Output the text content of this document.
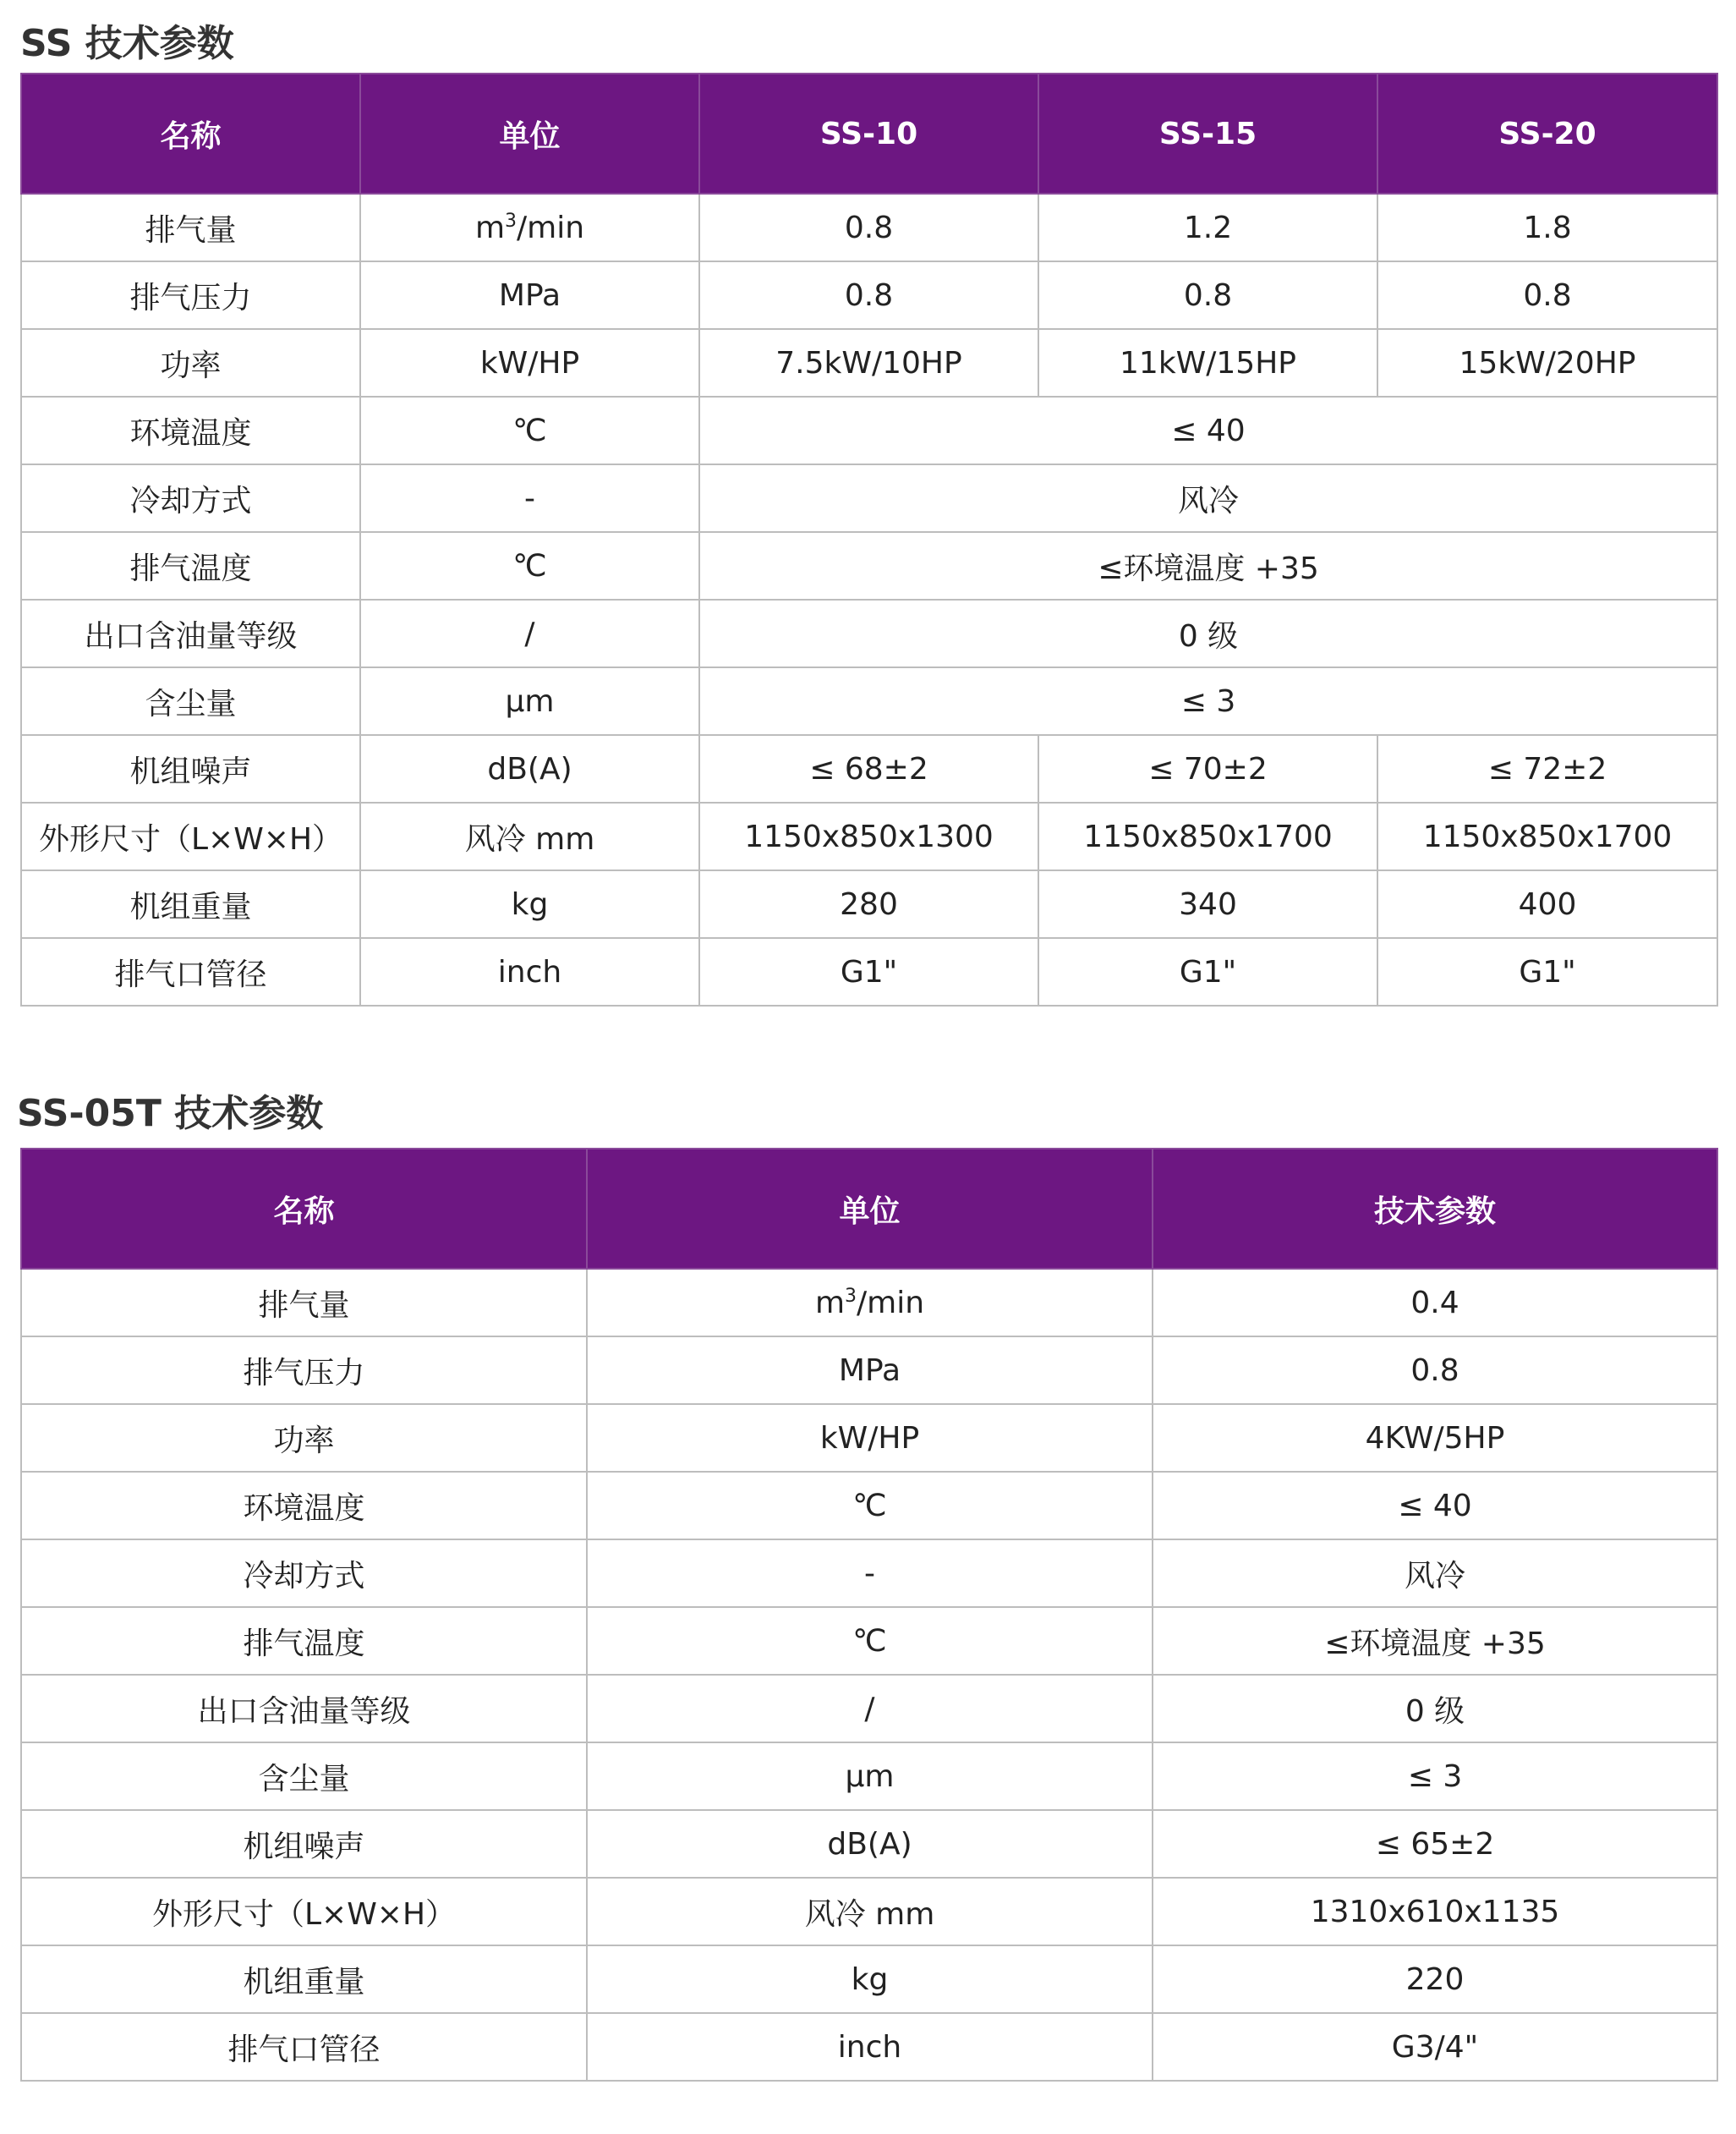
SS 技术参数
名称	单位	SS-10	SS-15	SS-20
排气量	$m^3/\min$	0.8	1.2	1.8
排气压力	MPa	0.8	0.8	0.8
功率	kW/HP	7.5kW/10HP	11kW/15HP	15kW/20HP
环境温度	℃	≤ 40		
冷却方式	-	风冷		
排气温度	℃	≤环境温度 +35		
出口含油量等级	/	0 级		
含尘量	μm	≤ 3		
机组噪声	dB(A)	≤ 68±2	≤ 70±2	≤ 72±2
外形尺寸（L×W×H）	风冷 mm	1150x850x1300	1150x850x1700	1150x850x1700
机组重量	kg	280	340	400
排气口管径	inch	G1"	G1"	G1"
SS-05T 技术参数
名称	单位	技术参数
排气量	$m^3/\min$	0.4
排气压力	MPa	0.8
功率	kW/HP	4KW/5HP
环境温度	℃	≤ 40
冷却方式	-	风冷
排气温度	℃	≤环境温度 +35
出口含油量等级	/	0 级
含尘量	μm	≤ 3
机组噪声	dB(A)	≤ 65±2
外形尺寸（L×W×H）	风冷 mm	1310x610x1135
机组重量	kg	220
排气口管径	inch	G3/4"
